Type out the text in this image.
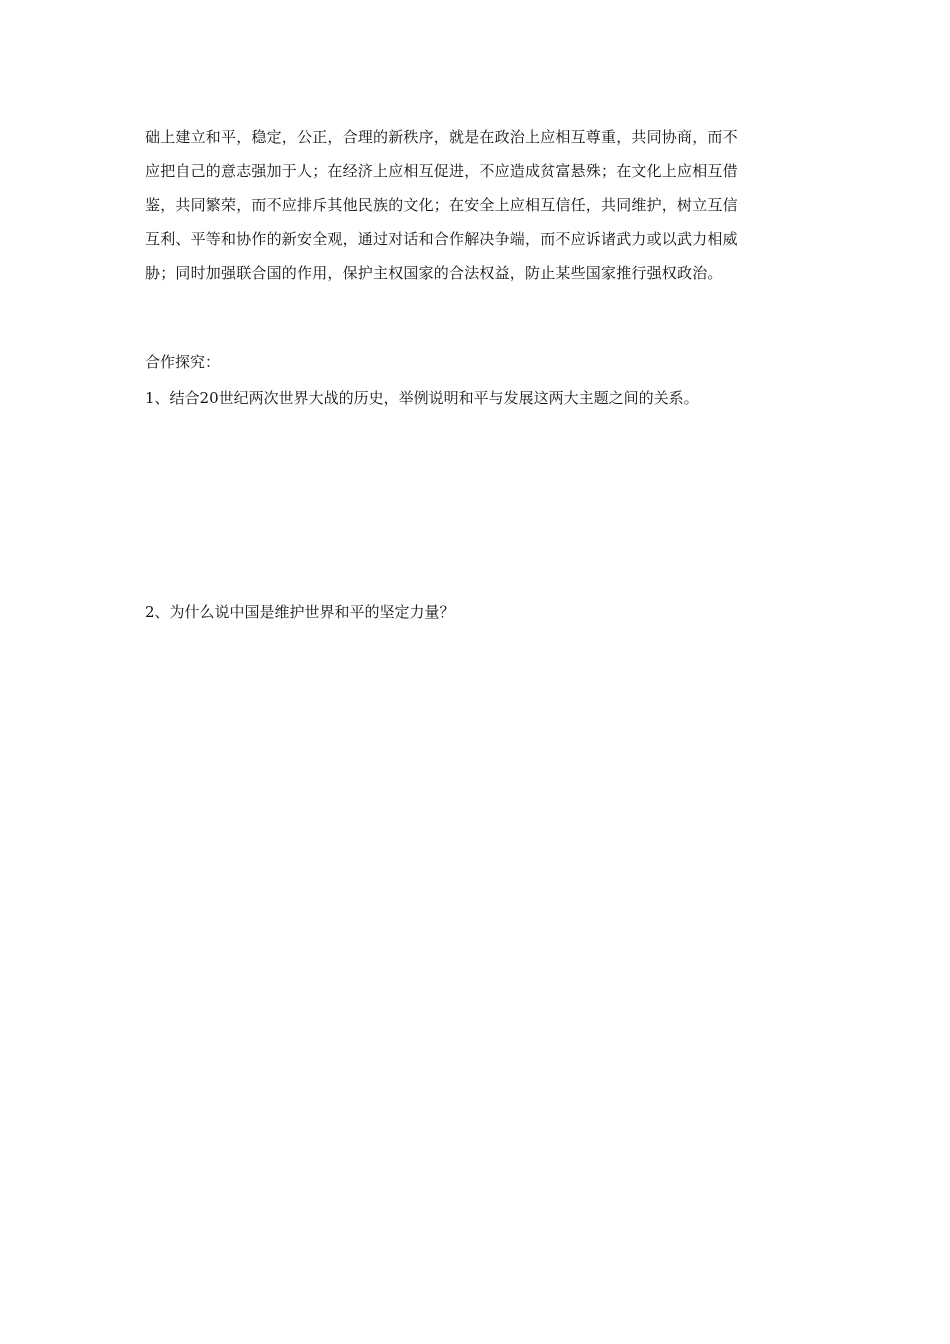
础上建立和平，稳定，公正，合理的新秩序，就是在政治上应相互尊重，共同协商，而不
应把自己的意志强加于人；在经济上应相互促进，不应造成贫富悬殊；在文化上应相互借
鉴，共同繁荣，而不应排斥其他民族的文化；在安全上应相互信任，共同维护，树立互信
互利、平等和协作的新安全观，通过对话和合作解决争端，而不应诉诸武力或以武力相威
胁；同时加强联合国的作用，保护主权国家的合法权益，防止某些国家推行强权政治。
合作探究：
1、结合20世纪两次世界大战的历史，举例说明和平与发展这两大主题之间的关系。
2、为什么说中国是维护世界和平的坚定力量？
